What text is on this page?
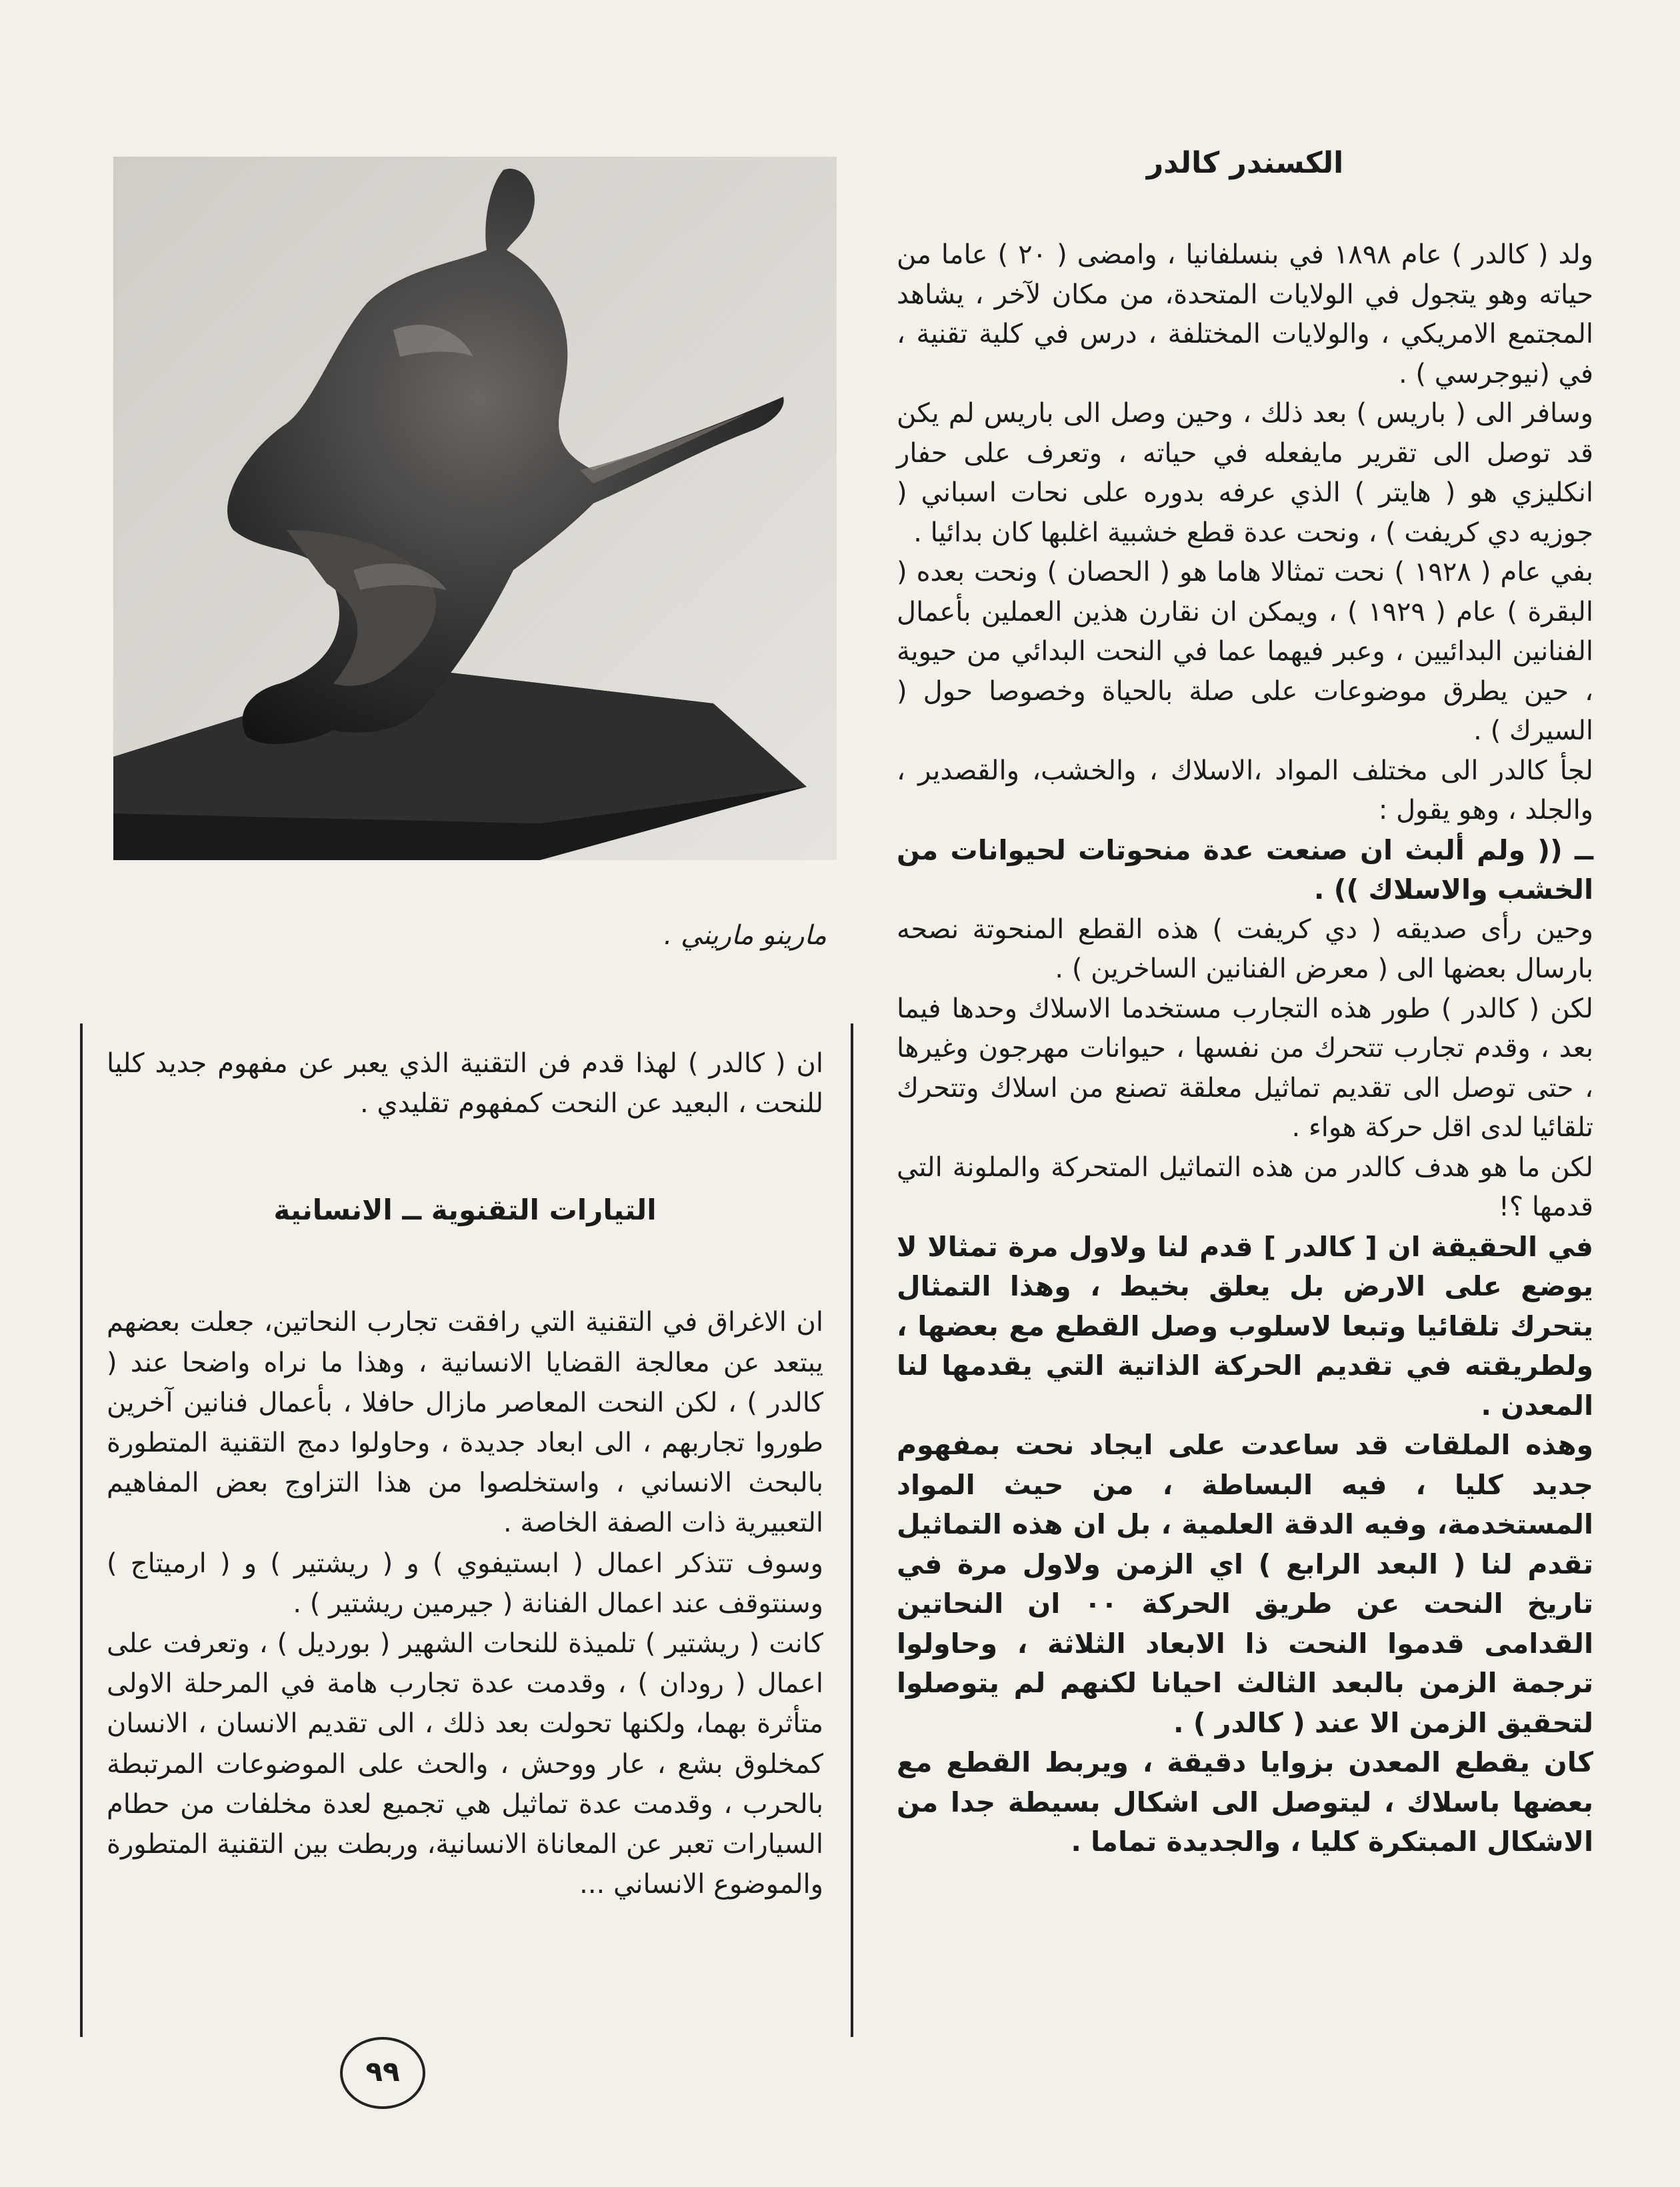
الكسندر كالدر

ولد ( كالدر ) عام ١٨٩٨ في بنسلفانيا ، وامضى ( ٢٠ ) عاما من حياته وهو يتجول في الولايات المتحدة، من مكان لآخر ، يشاهد المجتمع الامريكي ، والولايات المختلفة ، درس في كلية تقنية ، في (نيوجرسي ) .

وسافر الى ( باريس ) بعد ذلك ، وحين وصل الى باريس لم يكن قد توصل الى تقرير مايفعله في حياته ، وتعرف على حفار انكليزي هو ( هايتر ) الذي عرفه بدوره على نحات اسباني ( جوزيه دي كريفت ) ، ونحت عدة قطع خشبية اغلبها كان بدائيا .

بفي عام ( ١٩٢٨ ) نحت تمثالا هاما هو ( الحصان ) ونحت بعده ( البقرة ) عام ( ١٩٢٩ ) ، ويمكن ان نقارن هذين العملين بأعمال الفنانين البدائيين ، وعبر فيهما عما في النحت البدائي من حيوية ، حين يطرق موضوعات على صلة بالحياة وخصوصا حول ( السيرك ) .

لجأ كالدر الى مختلف المواد ،الاسلاك ، والخشب، والقصدير ، والجلد ، وهو يقول :

ــ (( ولم ألبث ان صنعت عدة منحوتات لحيوانات من الخشب والاسلاك )) .

وحين رأى صديقه ( دي كريفت ) هذه القطع المنحوتة نصحه بارسال بعضها الى ( معرض الفنانين الساخرين ) .

لكن ( كالدر ) طور هذه التجارب مستخدما الاسلاك وحدها فيما بعد ، وقدم تجارب تتحرك من نفسها ، حيوانات مهرجون وغيرها ، حتى توصل الى تقديم تماثيل معلقة تصنع من اسلاك وتتحرك تلقائيا لدى اقل حركة هواء .

لكن ما هو هدف كالدر من هذه التماثيل المتحركة والملونة التي قدمها ؟!

في الحقيقة ان [ كالدر ] قدم لنا ولاول مرة تمثالا لا يوضع على الارض بل يعلق بخيط ، وهذا التمثال يتحرك تلقائيا وتبعا لاسلوب وصل القطع مع بعضها ، ولطريقته في تقديم الحركة الذاتية التي يقدمها لنا المعدن .

وهذه الملقات قد ساعدت على ايجاد نحت بمفهوم جديد كليا ، فيه البساطة ، من حيث المواد المستخدمة، وفيه الدقة العلمية ، بل ان هذه التماثيل تقدم لنا ( البعد الرابع ) اي الزمن ولاول مرة في تاريخ النحت عن طريق الحركة ٠٠ ان النحاتين القدامى قدموا النحت ذا الابعاد الثلاثة ، وحاولوا ترجمة الزمن بالبعد الثالث احيانا لكنهم لم يتوصلوا لتحقيق الزمن الا عند ( كالدر ) .

كان يقطع المعدن بزوايا دقيقة ، ويربط القطع مع بعضها باسلاك ، ليتوصل الى اشكال بسيطة جدا من الاشكال المبتكرة كليا ، والجديدة تماما .

مارينو ماريني .

ان ( كالدر ) لهذا قدم فن التقنية الذي يعبر عن مفهوم جديد كليا للنحت ، البعيد عن النحت كمفهوم تقليدي .

التيارات التقنوية ــ الانسانية

ان الاغراق في التقنية التي رافقت تجارب النحاتين، جعلت بعضهم يبتعد عن معالجة القضايا الانسانية ، وهذا ما نراه واضحا عند ( كالدر ) ، لكن النحت المعاصر مازال حافلا ، بأعمال فنانين آخرين طوروا تجاربهم ، الى ابعاد جديدة ، وحاولوا دمج التقنية المتطورة بالبحث الانساني ، واستخلصوا من هذا التزاوج بعض المفاهيم التعبيرية ذات الصفة الخاصة .

وسوف تتذكر اعمال ( ابستيفوي ) و ( ريشتير ) و ( ارميتاج ) وسنتوقف عند اعمال الفنانة ( جيرمين ريشتير ) .

كانت ( ريشتير ) تلميذة للنحات الشهير ( بورديل ) ، وتعرفت على اعمال ( رودان ) ، وقدمت عدة تجارب هامة في المرحلة الاولى متأثرة بهما، ولكنها تحولت بعد ذلك ، الى تقديم الانسان ، الانسان كمخلوق بشع ، عار ووحش ، والحث على الموضوعات المرتبطة بالحرب ، وقدمت عدة تماثيل هي تجميع لعدة مخلفات من حطام السيارات تعبر عن المعاناة الانسانية، وربطت بين التقنية المتطورة والموضوع الانساني ...

٩٩
